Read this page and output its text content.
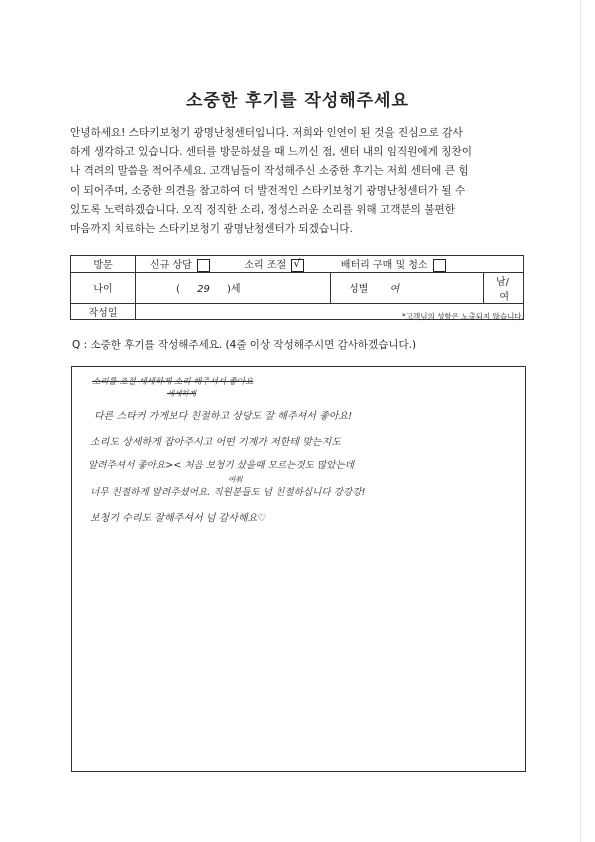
소중한 후기를 작성해주세요
안녕하세요! 스타키보청기 광명난청센터입니다. 저희와 인연이 된 것을 진심으로 감사
하게 생각하고 있습니다. 센터를 방문하셨을 때 느끼신 점, 센터 내의 임직원에게 칭찬이
나 격려의 말씀을 적어주세요. 고객님들이 작성해주신 소중한 후기는 저희 센터에 큰 힘
이 되어주며, 소중한 의견을 참고하여 더 발전적인 스타키보청기 광명난청센터가 될 수
있도록 노력하겠습니다. 오직 정직한 소리, 정성스러운 소리를 위해 고객분의 불편한
마음까지 치료하는 스타키보청기 광명난청센터가 되겠습니다.
방문	신규 상담 소리 조절 √ 배터리 구매 및 청소		
나이	( 29 )세	성별 여	남/여
작성일				*고객님의 성함은 노출되지 않습니다.
Q : 소중한 후기를 작성해주세요. (4줄 이상 작성해주시면 감사하겠습니다.)
소리를 조절 세세하게 소리 해주셔서 좋아요
세세하게
다른 스타커 가게보다 친절하고 상당도 잘 해주셔서 좋아요!
소리도 상세하게 잡아주시고 어떤 기계가 저한테 맞는지도
알려주셔서 좋아요>< 처음 보청기 샀을때 모르는것도 많았는데
여쭤
너무 친절하게 알려주셨어요. 직원분들도 넘 친절하십니다 강강강!
보청기 수리도 잘해주셔서 넘 감사해요♡
